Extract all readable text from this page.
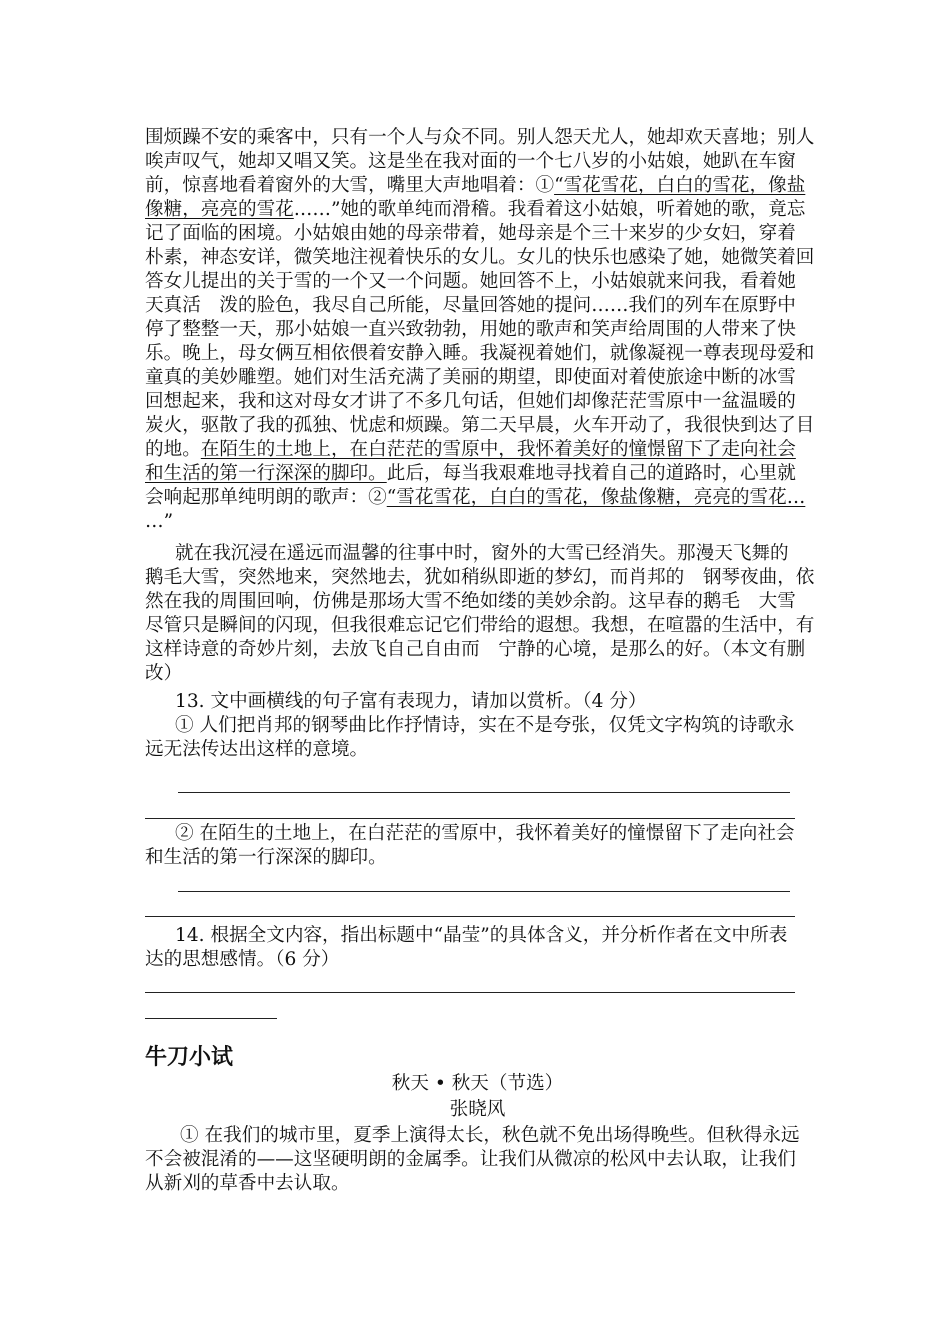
围烦躁不安的乘客中，只有一个人与众不同。别人怨天尤人，她却欢天喜地；别人
唉声叹气，她却又唱又笑。这是坐在我对面的一个七八岁的小姑娘，她趴在车窗
前，惊喜地看着窗外的大雪，嘴里大声地唱着：①“雪花雪花，白白的雪花，像盐
像糖，亮亮的雪花……”她的歌单纯而滑稽。我看着这小姑娘，听着她的歌，竟忘
记了面临的困境。小姑娘由她的母亲带着，她母亲是个三十来岁的少女妇，穿着
朴素，神态安详，微笑地注视着快乐的女儿。女儿的快乐也感染了她，她微笑着回
答女儿提出的关于雪的一个又一个问题。她回答不上，小姑娘就来问我，看着她
天真活　泼的脸色，我尽自己所能，尽量回答她的提问……我们的列车在原野中
停了整整一天，那小姑娘一直兴致勃勃，用她的歌声和笑声给周围的人带来了快
乐。晚上，母女俩互相依偎着安静入睡。我凝视着她们，就像凝视一尊表现母爱和
童真的美妙雕塑。她们对生活充满了美丽的期望，即使面对着使旅途中断的冰雪
回想起来，我和这对母女才讲了不多几句话，但她们却像茫茫雪原中一盆温暖的
炭火，驱散了我的孤独、忧虑和烦躁。第二天早晨，火车开动了，我很快到达了目
的地。在陌生的土地上，在白茫茫的雪原中，我怀着美好的憧憬留下了走向社会
和生活的第一行深深的脚印。此后，每当我艰难地寻找着自己的道路时，心里就
会响起那单纯明朗的歌声：②“雪花雪花，白白的雪花，像盐像糖，亮亮的雪花…
…”
就在我沉浸在遥远而温馨的往事中时，窗外的大雪已经消失。那漫天飞舞的
鹅毛大雪，突然地来，突然地去，犹如稍纵即逝的梦幻，而肖邦的　钢琴夜曲，依
然在我的周围回响，仿佛是那场大雪不绝如缕的美妙余韵。这早春的鹅毛　大雪
尽管只是瞬间的闪现，但我很难忘记它们带给的遐想。我想，在喧嚣的生活中，有
这样诗意的奇妙片刻，去放飞自己自由而　宁静的心境，是那么的好。（本文有删
改）
13. 文中画横线的句子富有表现力，请加以赏析。（4 分）
① 人们把肖邦的钢琴曲比作抒情诗，实在不是夸张，仅凭文字构筑的诗歌永
远无法传达出这样的意境。
② 在陌生的土地上，在白茫茫的雪原中，我怀着美好的憧憬留下了走向社会
和生活的第一行深深的脚印。
14. 根据全文内容，指出标题中“晶莹”的具体含义，并分析作者在文中所表
达的思想感情。（6 分）
牛刀小试
秋天 • 秋天（节选）
张晓风
① 在我们的城市里，夏季上演得太长，秋色就不免出场得晚些。但秋得永远
不会被混淆的——这坚硬明朗的金属季。让我们从微凉的松风中去认取，让我们
从新刈的草香中去认取。
